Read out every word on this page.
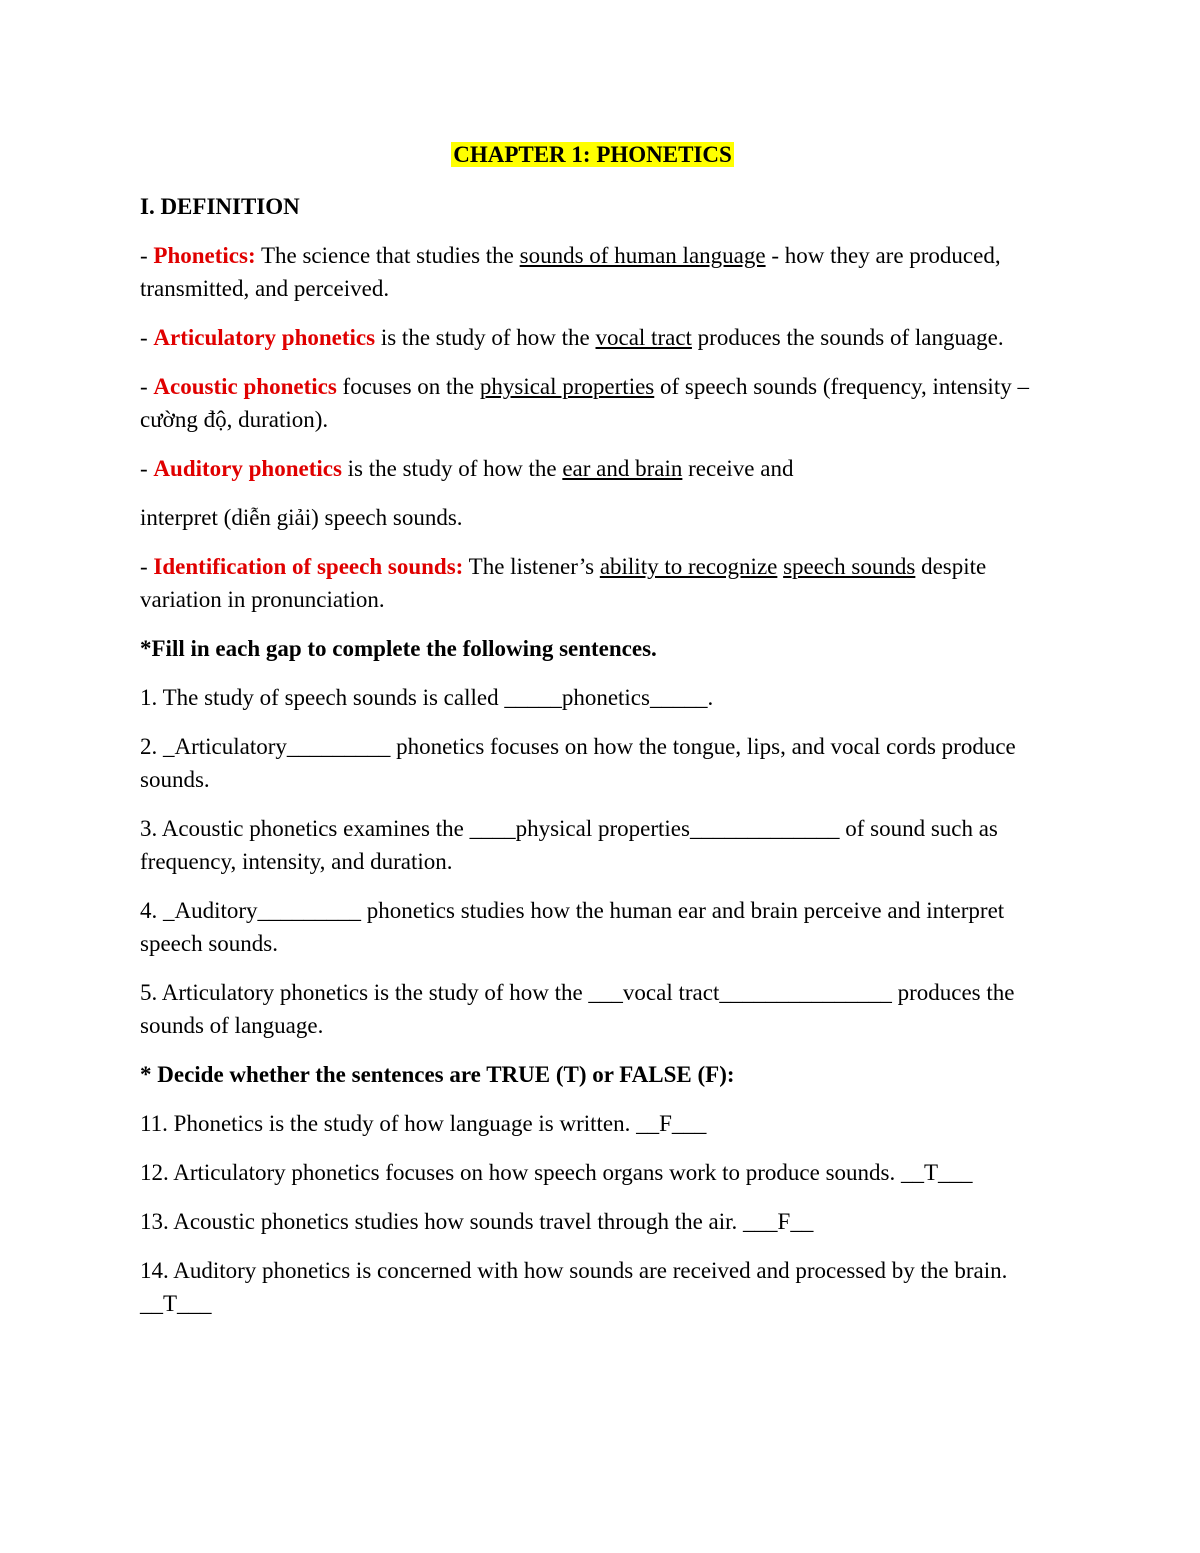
CHAPTER 1: PHONETICS

I. DEFINITION

- Phonetics: The science that studies the sounds of human language - how they are produced, transmitted, and perceived.

- Articulatory phonetics is the study of how the vocal tract produces the sounds of language.

- Acoustic phonetics focuses on the physical properties of speech sounds (frequency, intensity – cường độ, duration).

- Auditory phonetics is the study of how the ear and brain receive and

interpret (diễn giải) speech sounds.

- Identification of speech sounds: The listener’s ability to recognize speech sounds despite variation in pronunciation.

*Fill in each gap to complete the following sentences.

1. The study of speech sounds is called _____phonetics_____.

2. _Articulatory_________ phonetics focuses on how the tongue, lips, and vocal cords produce sounds.

3. Acoustic phonetics examines the ____physical properties_____________ of sound such as frequency, intensity, and duration.

4. _Auditory_________ phonetics studies how the human ear and brain perceive and interpret speech sounds.

5. Articulatory phonetics is the study of how the ___vocal tract_______________ produces the sounds of language.

* Decide whether the sentences are TRUE (T) or FALSE (F):

11. Phonetics is the study of how language is written. __F___

12. Articulatory phonetics focuses on how speech organs work to produce sounds. __T___

13. Acoustic phonetics studies how sounds travel through the air. ___F__

14. Auditory phonetics is concerned with how sounds are received and processed by the brain. __T___
